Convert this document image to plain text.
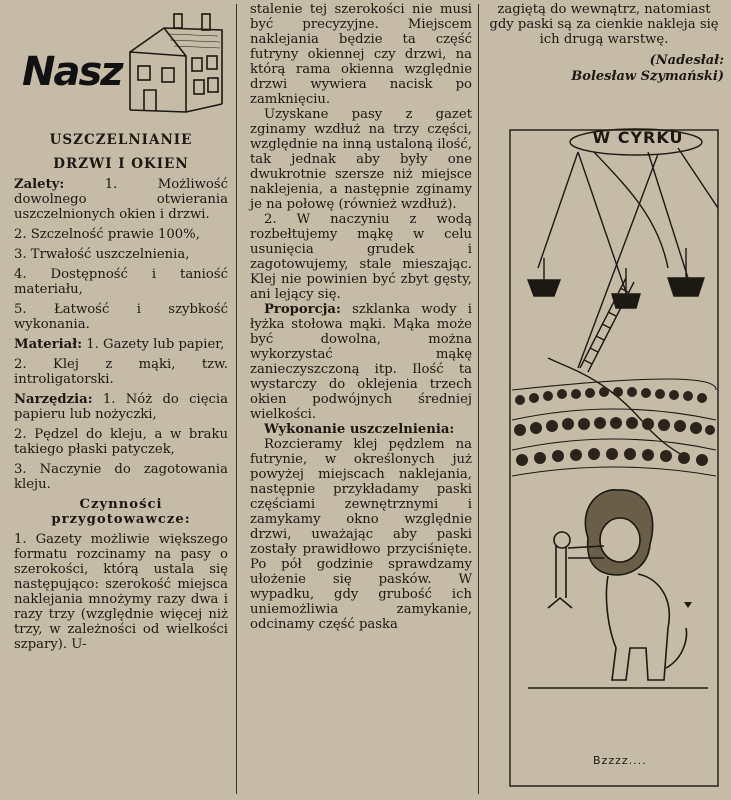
Nasz
USZCZELNIANIE
DRZWI I OKIEN

Zalety: 1. Możliwość dowolnego otwierania uszczelnionych okien i drzwi.

2. Szczelność prawie 100%,

3. Trwałość uszczelnienia,

4. Dostępność i taniość materiału,

5. Łatwość i szybkość wykonania.

Materiał: 1. Gazety lub papier,

2. Klej z mąki, tzw. introligatorski.

Narzędzia: 1. Nóż do cięcia papieru lub nożyczki,

2. Pędzel do kleju, a w braku takiego płaski patyczek,

3. Naczynie do zagotowania kleju.

Czynności przygotowawcze:

1. Gazety możliwie większego formatu rozcinamy na pasy o szerokości, którą ustala się następująco: szerokość miejsca naklejania mnożymy razy dwa i razy trzy (względnie więcej niż trzy, w zależności od wielkości szpary). U-

stalenie tej szerokości nie musi być precyzyjne. Miejscem naklejania będzie ta część futryny okiennej czy drzwi, na którą rama okienna względnie drzwi wywiera nacisk po zamknięciu.

Uzyskane pasy z gazet zginamy wzdłuż na trzy części, względnie na inną ustaloną ilość, tak jednak aby były one dwukrotnie szersze niż miejsce naklejenia, a następnie zginamy je na połowę (również wzdłuż).

2. W naczyniu z wodą rozbełtujemy mąkę w celu usunięcia grudek i zagotowujemy, stale mieszając. Klej nie powinien być zbyt gęsty, ani lejący się.

Proporcja: szklanka wody i łyżka stołowa mąki. Mąka może być dowolna, można wykorzystać mąkę zanieczyszczoną itp. Ilość ta wystarczy do oklejenia trzech okien podwójnych średniej wielkości.

Wykonanie uszczelnienia:

Rozcieramy klej pędzlem na futrynie, w określonych już powyżej miejscach naklejania, następnie przykładamy paski częściami zewnętrznymi i zamykamy okno względnie drzwi, uważając aby paski zostały prawidłowo przyciśnięte. Po pół godzinie sprawdzamy ułożenie się pasków. W wypadku, gdy grubość ich uniemożliwia zamykanie, odcinamy część paska

zagiętą do wewnątrz, natomiast gdy paski są za cienkie nakleja się ich drugą warstwę.

(Nadesłał:
Bolesław Szymański)
W CYRKU
Bzzzz....
